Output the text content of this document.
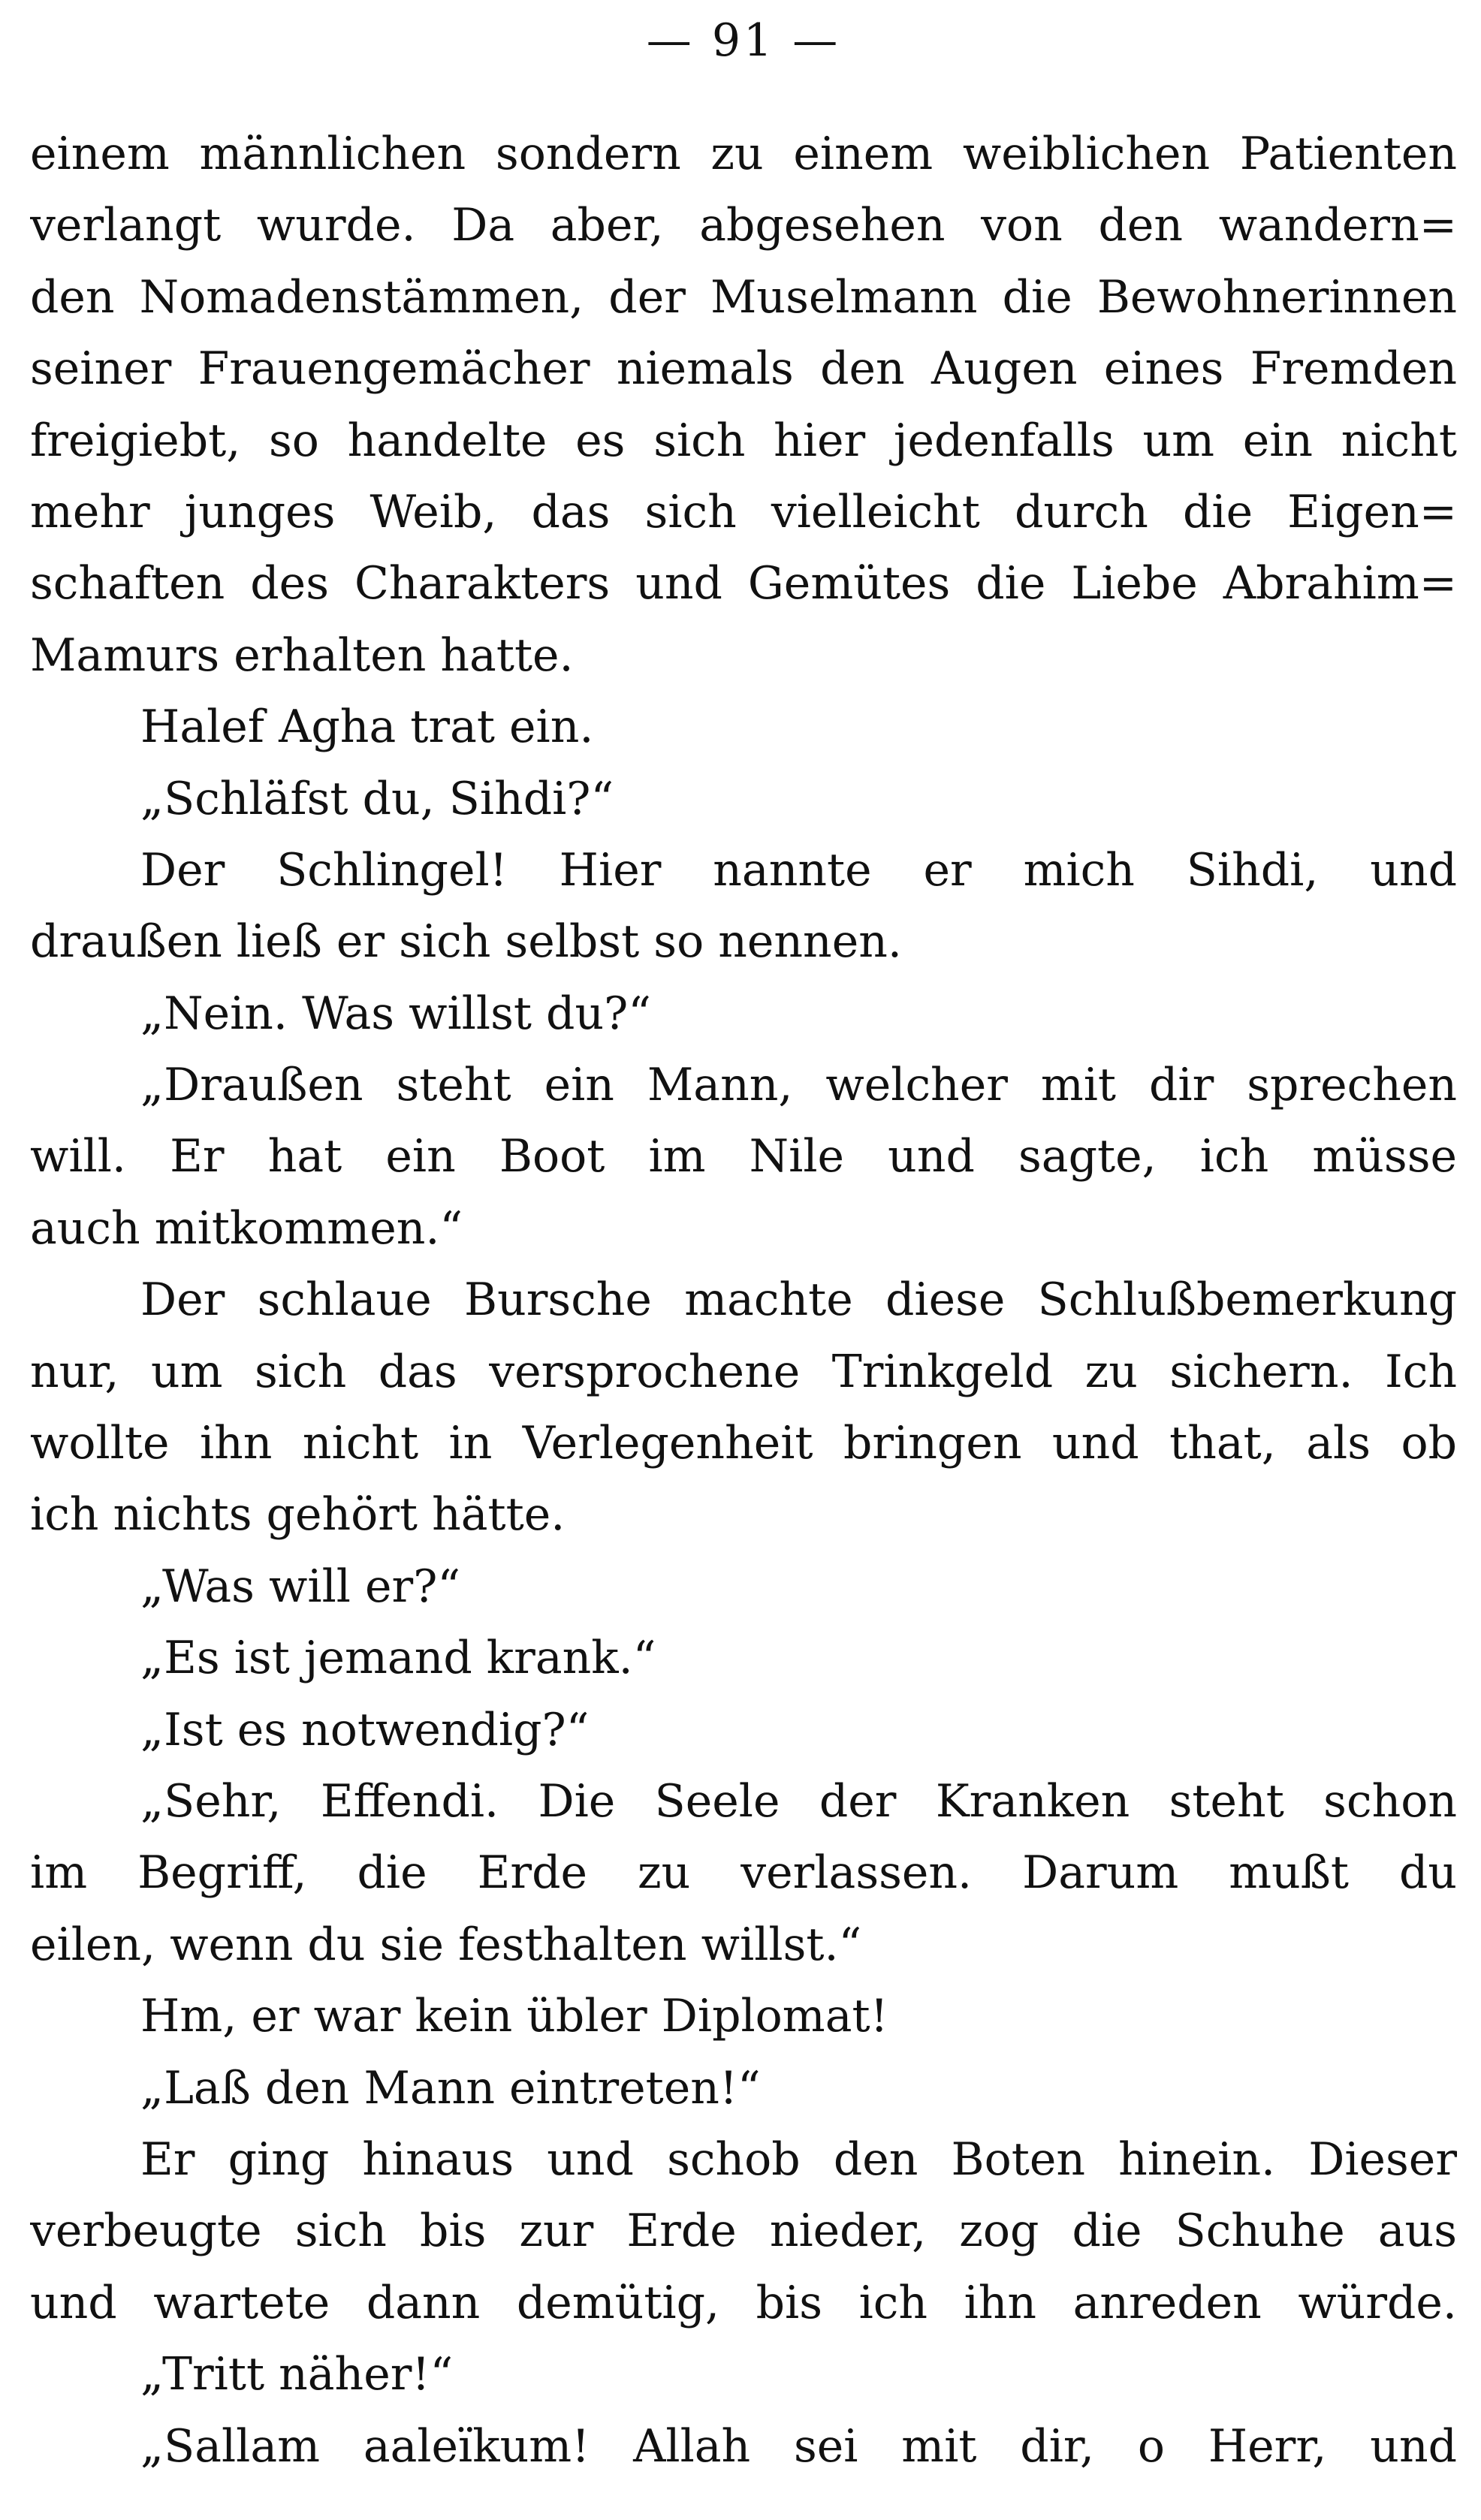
— 91 —
einem männlichen sondern zu einem weiblichen Patienten
verlangt wurde. Da aber, abgesehen von den wandern=
den Nomadenstämmen, der Muselmann die Bewohnerinnen
seiner Frauengemächer niemals den Augen eines Fremden
freigiebt, so handelte es sich hier jedenfalls um ein nicht
mehr junges Weib, das sich vielleicht durch die Eigen=
schaften des Charakters und Gemütes die Liebe Abrahim=
Mamurs erhalten hatte.
Halef Agha trat ein.
„Schläfst du, Sihdi?“
Der Schlingel! Hier nannte er mich Sihdi, und
draußen ließ er sich selbst so nennen.
„Nein. Was willst du?“
„Draußen steht ein Mann, welcher mit dir sprechen
will. Er hat ein Boot im Nile und sagte, ich müsse
auch mitkommen.“
Der schlaue Bursche machte diese Schlußbemerkung
nur, um sich das versprochene Trinkgeld zu sichern. Ich
wollte ihn nicht in Verlegenheit bringen und that, als ob
ich nichts gehört hätte.
„Was will er?“
„Es ist jemand krank.“
„Ist es notwendig?“
„Sehr, Effendi. Die Seele der Kranken steht schon
im Begriff, die Erde zu verlassen. Darum mußt du
eilen, wenn du sie festhalten willst.“
Hm, er war kein übler Diplomat!
„Laß den Mann eintreten!“
Er ging hinaus und schob den Boten hinein. Dieser
verbeugte sich bis zur Erde nieder, zog die Schuhe aus
und wartete dann demütig, bis ich ihn anreden würde.
„Tritt näher!“
„Sallam aaleïkum! Allah sei mit dir, o Herr, und
